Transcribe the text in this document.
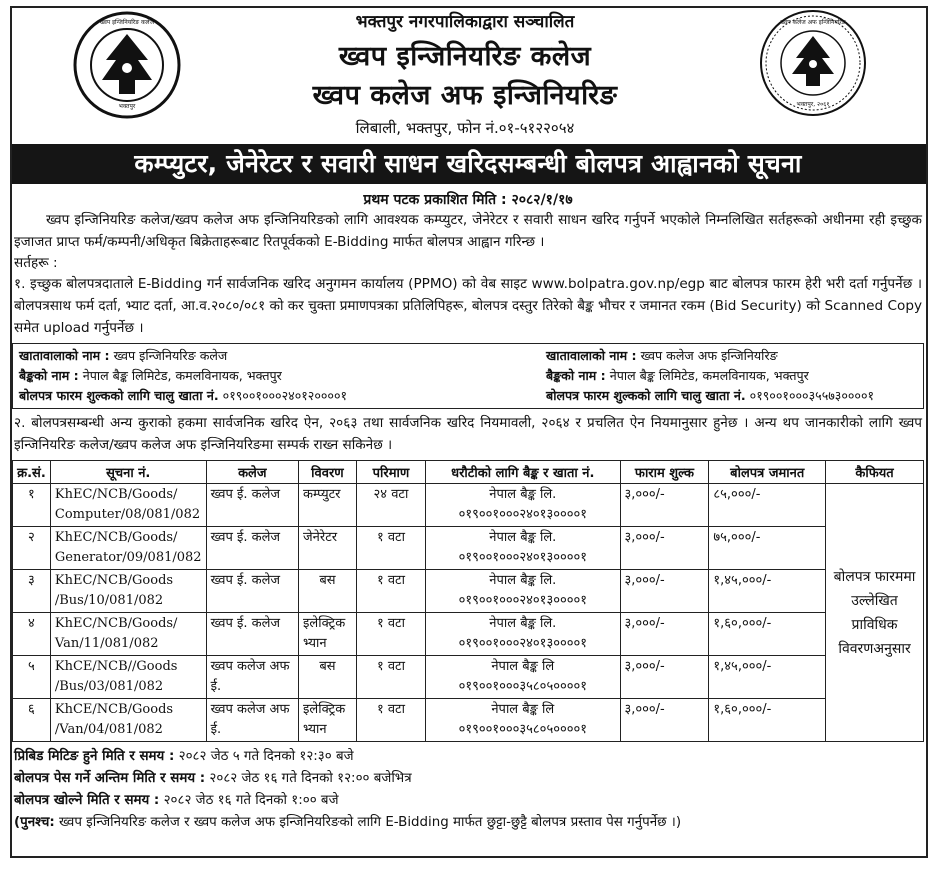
ख्वप इन्जिनियरिङ कलेज
भक्तपुर
भक्तपुर नगरपालिकाद्वारा सञ्चालित
ख्वप इन्जिनियरिङ कलेज
ख्वप कलेज अफ इन्जिनियरिङ
लिबाली, भक्तपुर, फोन नं.०१-५१२२०५४
ख्वप कलेज अफ इन्जिनियरिङ
भक्तपुर, २०६१
कम्प्युटर, जेनेरेटर र सवारी साधन खरिदसम्बन्धी बोलपत्र आह्वानको सूचना
प्रथम पटक प्रकाशित मिति : २०८२/१/१७
ख्वप इन्जिनियरिङ कलेज/ख्वप कलेज अफ इन्जिनियरिङको लागि आवश्यक कम्प्युटर, जेनेरेटर र सवारी साधन खरिद गर्नुपर्ने भएकोले निम्नलिखित सर्तहरूको अधीनमा रही इच्छुक इजाजत प्राप्त फर्म/कम्पनी/अधिकृत बिक्रेताहरूबाट रितपूर्वकको E-Bidding मार्फत बोलपत्र आह्वान गरिन्छ ।
सर्तहरू :
१. इच्छुक बोलपत्रदाताले E-Bidding गर्न सार्वजनिक खरिद अनुगमन कार्यालय (PPMO) को वेब साइट www.bolpatra.gov.np/egp बाट बोलपत्र फारम हेरी भरी दर्ता गर्नुपर्नेछ । बोलपत्रसाथ फर्म दर्ता, भ्याट दर्ता, आ.व.२०८०/०८१ को कर चुक्ता प्रमाणपत्रका प्रतिलिपिहरू, बोलपत्र दस्तुर तिरेको बैङ्क भौचर र जमानत रकम (Bid Security) को Scanned Copy समेत upload गर्नुपर्नेछ ।
खातावालाको नाम : ख्वप इन्जिनियरिङ कलेज
बैङ्कको नाम : नेपाल बैङ्क लिमिटेड, कमलविनायक, भक्तपुर
बोलपत्र फारम शुल्कको लागि चालु खाता नं. ०१९००१०००२४०१२००००१
खातावालाको नाम : ख्वप कलेज अफ इन्जिनियरिङ
बैङ्कको नाम : नेपाल बैङ्क लिमिटेड, कमलविनायक, भक्तपुर
बोलपत्र फारम शुल्कको लागि चालु खाता नं. ०१९००१०००३५५७३००००१
२. बोलपत्रसम्बन्धी अन्य कुराको हकमा सार्वजनिक खरिद ऐन, २०६३ तथा सार्वजनिक खरिद नियमावली, २०६४ र प्रचलित ऐन नियमानुसार हुनेछ । अन्य थप जानकारीको लागि ख्वप इन्जिनियरिङ कलेज/ख्वप कलेज अफ इन्जिनियरिङमा सम्पर्क राख्न सकिनेछ ।
क्र.सं.	सूचना नं.	कलेज	विवरण	परिमाण	धरौटीको लागि बैङ्क र खाता नं.	फाराम शुल्क	बोलपत्र जमानत	कैफियत
१	KhEC/NCB/Goods/ Computer/08/081/082	ख्वप ई. कलेज	कम्प्युटर	२४ वटा	नेपाल बैङ्क लि.
०१९००१०००२४०१३००००१	३,०००/-	८५,०००/-	बोलपत्र फारममा उल्लेखित प्राविधिक विवरणअनुसार

२	KhEC/NCB/Goods/ Generator/09/081/082	ख्वप ई. कलेज	जेनेरेटर	१ वटा	नेपाल बैङ्क लि.
०१९००१०००२४०१३००००१	३,०००/-	७५,०००/-	
३	KhEC/NCB/Goods /Bus/10/081/082	ख्वप ई. कलेज	बस	१ वटा	नेपाल बैङ्क लि.
०१९००१०००२४०१३००००१	३,०००/-	१,४५,०००/-	
४	KhEC/NCB/Goods/ Van/11/081/082	ख्वप ई. कलेज	इलेक्ट्रिक भ्यान	१ वटा	नेपाल बैङ्क लि.
०१९००१०००२४०१३००००१	३,०००/-	१,६०,०००/-	
५	KhCE/NCB//Goods /Bus/03/081/082	ख्वप कलेज अफ ई.	बस	१ वटा	नेपाल बैङ्क लि
०१९००१०००३५८०५००००१	३,०००/-	१,४५,०००/-	
६	KhCE/NCB/Goods /Van/04/081/082	ख्वप कलेज अफ ई.	इलेक्ट्रिक भ्यान	१ वटा	नेपाल बैङ्क लि
०१९००१०००३५८०५००००१	३,०००/-	१,६०,०००/-	
प्रिबिड मिटिङ हुने मिति र समय : २०८२ जेठ ५ गते दिनको १२:३० बजे
बोलपत्र पेस गर्ने अन्तिम मिति र समय : २०८२ जेठ १६ गते दिनको १२:०० बजेभित्र
बोलपत्र खोल्ने मिति र समय : २०८२ जेठ १६ गते दिनको १:०० बजे
(पुनश्च: ख्वप इन्जिनियरिङ कलेज र ख्वप कलेज अफ इन्जिनियरिङको लागि E-Bidding मार्फत छुट्टा-छुट्टै बोलपत्र प्रस्ताव पेस गर्नुपर्नेछ ।)
